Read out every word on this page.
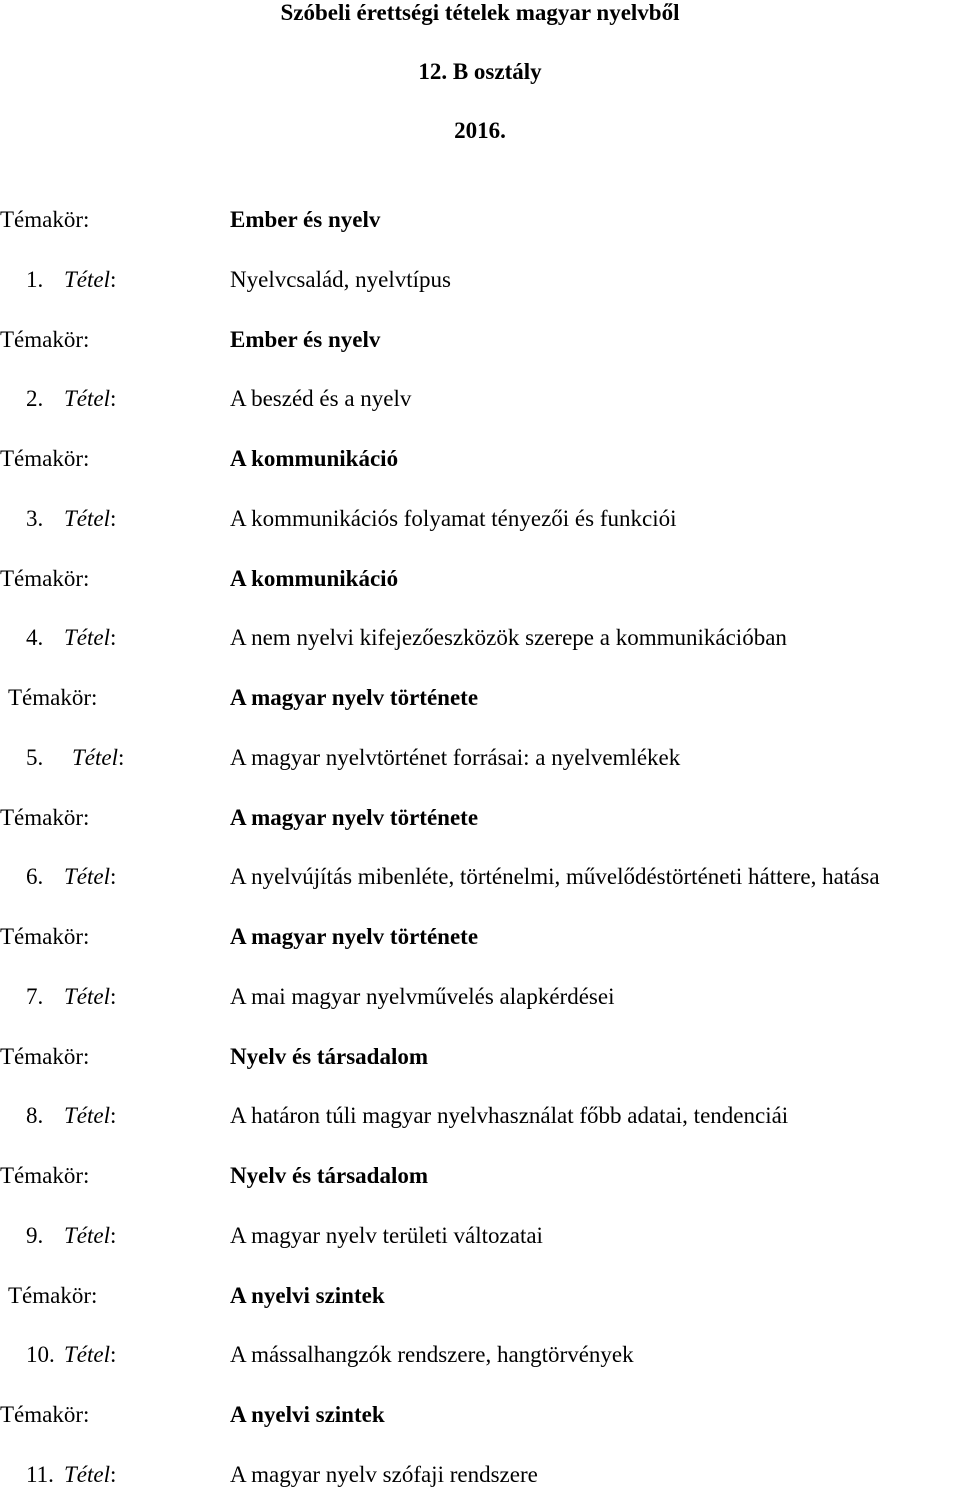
Szóbeli érettségi tételek magyar nyelvből

12. B osztály

2016.

Témakör:	Ember és nyelv
1. Tétel:	Nyelvcsalád, nyelvtípus
Témakör:	Ember és nyelv
2. Tétel:	A beszéd és a nyelv
Témakör:	A kommunikáció
3. Tétel:	A kommunikációs folyamat tényezői és funkciói
Témakör:	A kommunikáció
4. Tétel:	A nem nyelvi kifejezőeszközök szerepe a kommunikációban
Témakör:	A magyar nyelv története
5. Tétel:	A magyar nyelvtörténet forrásai: a nyelvemlékek
Témakör:	A magyar nyelv története
6. Tétel:	A nyelvújítás mibenléte, történelmi, művelődéstörténeti háttere, hatása
Témakör:	A magyar nyelv története
7. Tétel:	A mai magyar nyelvművelés alapkérdései
Témakör:	Nyelv és társadalom
8. Tétel:	A határon túli magyar nyelvhasználat főbb adatai, tendenciái
Témakör:	Nyelv és társadalom
9. Tétel:	A magyar nyelv területi változatai
Témakör:	A nyelvi szintek
10. Tétel:	A mássalhangzók rendszere, hangtörvények
Témakör:	A nyelvi szintek
11. Tétel:	A magyar nyelv szófaji rendszere
